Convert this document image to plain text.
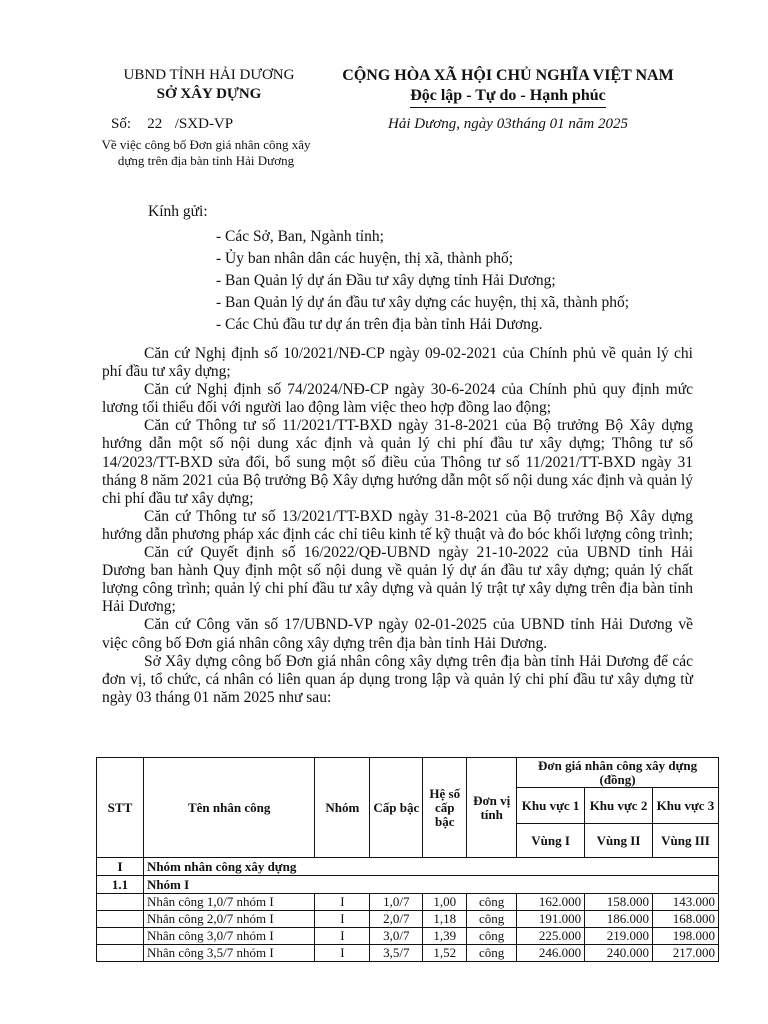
UBND TỈNH HẢI DƯƠNG
SỞ XÂY DỰNG
CỘNG HÒA XÃ HỘI CHỦ NGHĨA VIỆT NAM
Độc lập - Tự do - Hạnh phúc
Số: 22 /SXD-VP	Hải Dương, ngày 03tháng 01 năm 2025
Về việc công bố Đơn giá nhân công xây dựng trên địa bàn tỉnh Hải Dương
Kính gửi:
- Các Sở, Ban, Ngành tỉnh;
- Ủy ban nhân dân các huyện, thị xã, thành phố;
- Ban Quản lý dự án Đầu tư xây dựng tỉnh Hải Dương;
- Ban Quản lý dự án đầu tư xây dựng các huyện, thị xã, thành phố;
- Các Chủ đầu tư dự án trên địa bàn tỉnh Hải Dương.

Căn cứ Nghị định số 10/2021/NĐ-CP ngày 09-02-2021 của Chính phủ về quản lý chi phí đầu tư xây dựng;

Căn cứ Nghị định số 74/2024/NĐ-CP ngày 30-6-2024 của Chính phủ quy định mức lương tối thiểu đối với người lao động làm việc theo hợp đồng lao động;

Căn cứ Thông tư số 11/2021/TT-BXD ngày 31-8-2021 của Bộ trưởng Bộ Xây dựng hướng dẫn một số nội dung xác định và quản lý chi phí đầu tư xây dựng; Thông tư số 14/2023/TT-BXD sửa đổi, bổ sung một số điều của Thông tư số 11/2021/TT-BXD ngày 31 tháng 8 năm 2021 của Bộ trưởng Bộ Xây dựng hướng dẫn một số nội dung xác định và quản lý chi phí đầu tư xây dựng;

Căn cứ Thông tư số 13/2021/TT-BXD ngày 31-8-2021 của Bộ trưởng Bộ Xây dựng hướng dẫn phương pháp xác định các chỉ tiêu kinh tế kỹ thuật và đo bóc khối lượng công trình;

Căn cứ Quyết định số 16/2022/QĐ-UBND ngày 21-10-2022 của UBND tỉnh Hải Dương ban hành Quy định một số nội dung về quản lý dự án đầu tư xây dựng; quản lý chất lượng công trình; quản lý chi phí đầu tư xây dựng và quản lý trật tự xây dựng trên địa bàn tỉnh Hải Dương;

Căn cứ Công văn số 17/UBND-VP ngày 02-01-2025 của UBND tỉnh Hải Dương về việc công bố Đơn giá nhân công xây dựng trên địa bàn tỉnh Hải Dương.

Sở Xây dựng công bố Đơn giá nhân công xây dựng trên địa bàn tỉnh Hải Dương để các đơn vị, tổ chức, cá nhân có liên quan áp dụng trong lập và quản lý chi phí đầu tư xây dựng từ ngày 03 tháng 01 năm 2025 như sau:

STT	Tên nhân công	Nhóm	Cấp bậc	Hệ số cấp bậc	Đơn vị tính	Đơn giá nhân công xây dựng (đồng)		
						Khu vực 1	Khu vực 2	Khu vực 3
						Vùng I	Vùng II	Vùng III
I	Nhóm nhân công xây dựng							
1.1	Nhóm I							
	Nhân công 1,0/7 nhóm I	I	1,0/7	1,00	công	162.000	158.000	143.000
	Nhân công 2,0/7 nhóm I	I	2,0/7	1,18	công	191.000	186.000	168.000
	Nhân công 3,0/7 nhóm I	I	3,0/7	1,39	công	225.000	219.000	198.000
	Nhân công 3,5/7 nhóm I	I	3,5/7	1,52	công	246.000	240.000	217.000
